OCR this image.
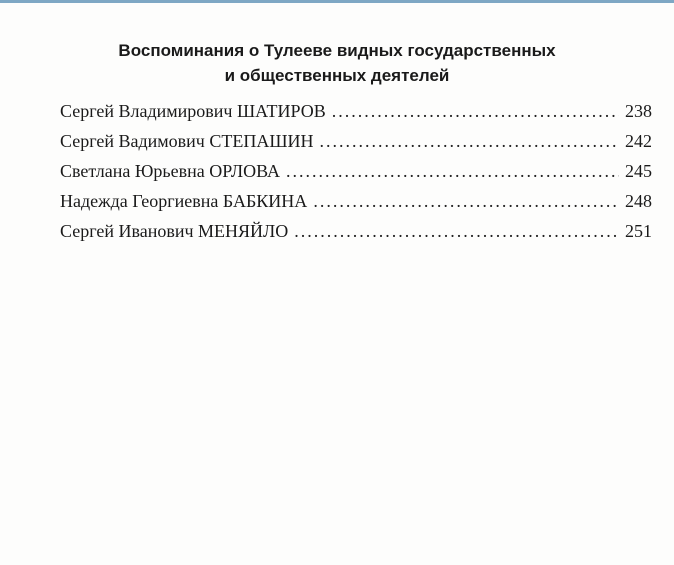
Воспоминания о Тулееве видных государственных
и общественных деятелей
Сергей Владимирович ШАТИРОВ .....	238
Сергей Вадимович СТЕПАШИН .....	242
Светлана Юрьевна ОРЛОВА .....	245
Надежда Георгиевна БАБКИНА .....	248
Сергей Иванович МЕНЯЙЛО .....	251
